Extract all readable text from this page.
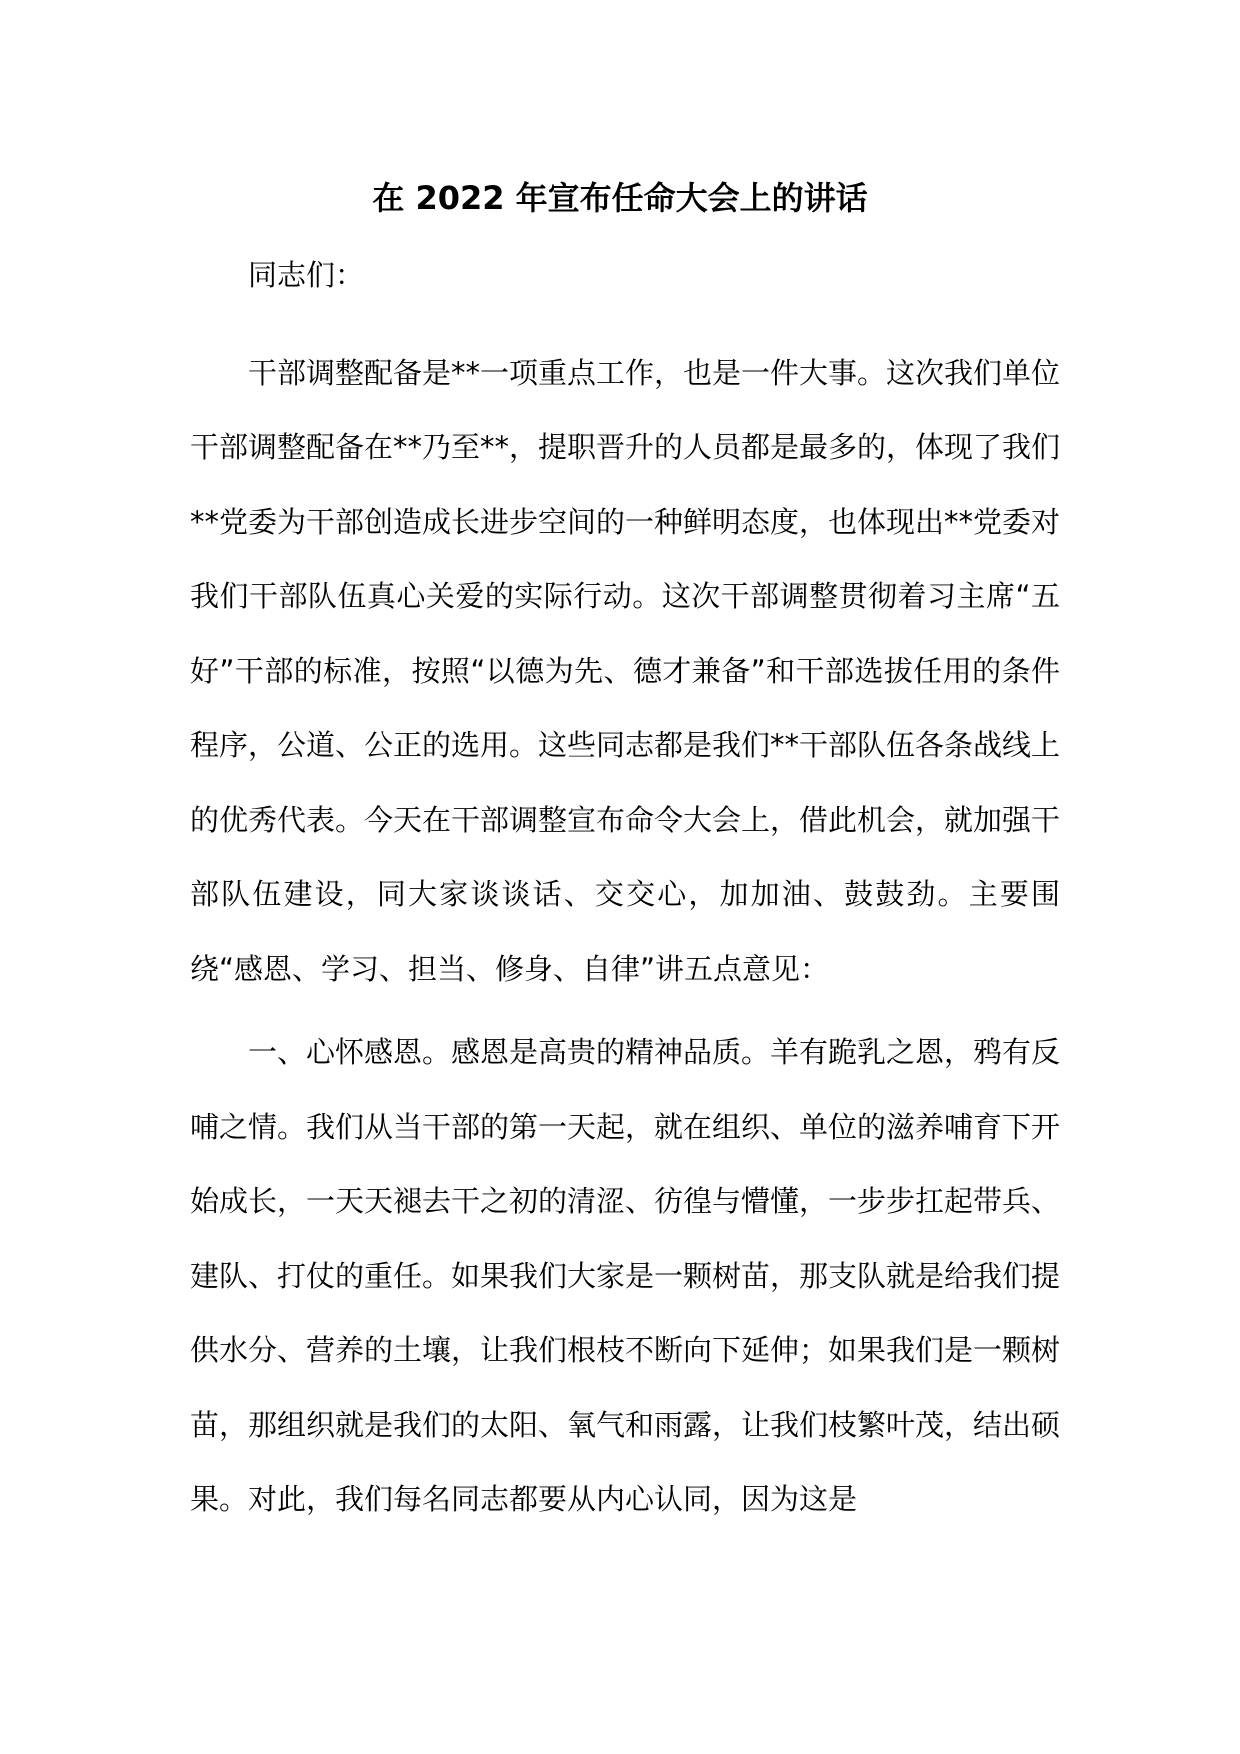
在 2022 年宣布任命大会上的讲话

同志们：

干部调整配备是**一项重点工作，也是一件大事。这次我们单位干部调整配备在**乃至**，提职晋升的人员都是最多的，体现了我们**党委为干部创造成长进步空间的一种鲜明态度，也体现出**党委对我们干部队伍真心关爱的实际行动。这次干部调整贯彻着习主席“五好”干部的标准，按照“以德为先、德才兼备”和干部选拔任用的条件程序，公道、公正的选用。这些同志都是我们**干部队伍各条战线上的优秀代表。今天在干部调整宣布命令大会上，借此机会，就加强干部队伍建设，同大家谈谈话、交交心，加加油、鼓鼓劲。主要围绕“感恩、学习、担当、修身、自律”讲五点意见：

一、心怀感恩。感恩是高贵的精神品质。羊有跪乳之恩，鸦有反哺之情。我们从当干部的第一天起，就在组织、单位的滋养哺育下开始成长，一天天褪去干之初的清涩、彷徨与懵懂，一步步扛起带兵、建队、打仗的重任。如果我们大家是一颗树苗，那支队就是给我们提供水分、营养的土壤，让我们根枝不断向下延伸；如果我们是一颗树苗，那组织就是我们的太阳、氧气和雨露，让我们枝繁叶茂，结出硕果。对此，我们每名同志都要从内心认同，因为这是
